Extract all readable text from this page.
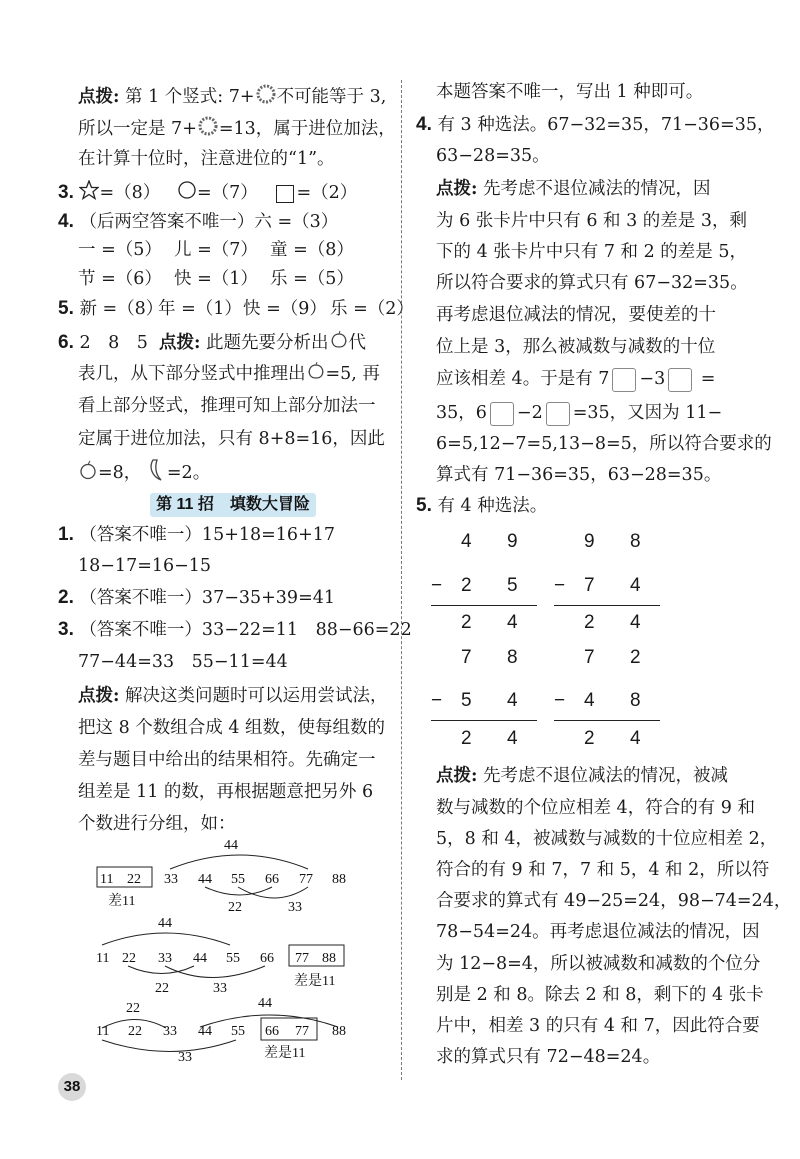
点拨: 第 1 个竖式: 7+ 不可能等于 3,
所以一定是 7+ =13，属于进位加法，
在计算十位时，注意进位的“1”。
3. =（8） =（7） =（2）
4. （后两空答案不唯一）六 =（3）
一 =（5） 儿 =（7） 童 =（8）
节 =（6） 快 =（1） 乐 =（5）
5. 新 =（8）
年 =（1） 快 =（9） 乐 =（2）
6. 2　8　5 点拨: 此题先要分析出 代
表几，从下部分竖式中推理出 =5, 再
看上部分竖式，推理可知上部分加法一
定属于进位加法，只有 8+8=16，因此
=8， =2。
第 11 招　填数大冒险
1. （答案不唯一）15+18=16+17
18−17=16−15
2. （答案不唯一）37−35+39=41
3. （答案不唯一）33−22=11　88−66=22
77−44=33　55−11=44
点拨: 解决这类问题时可以运用尝试法，
把这 8 个数组合成 4 组数，使每组数的
差与题目中给出的结果相符。先确定一
组差是 11 的数，再根据题意把另外 6
个数进行分组，如：
11 22 33 44 55 66 77 88
44
22	33
差11
44
11 22 33 44 55 66 77 88
22	33	差是11
22	44
11 22 33 44 55 66 77 88
33	差是11
本题答案不唯一，写出 1 种即可。
4. 有 3 种选法。67−32=35，71−36=35，
63−28=35。
点拨: 先考虑不退位减法的情况，因
为 6 张卡片中只有 6 和 3 的差是 3，剩
下的 4 张卡片中只有 7 和 2 的差是 5，
所以符合要求的算式只有 67−32=35。
再考虑退位减法的情况，要使差的十
位上是 3，那么被减数与减数的十位
应该相差 4。于是有 7 −3 =
35，6 −2 =35，又因为 11−
6=5,12−7=5,13−8=5，所以符合要求的
算式有 71−36=35，63−28=35。
5. 有 4 种选法。
4 9
− 2 5
2 4
9 8
− 7 4
2 4
7 8
− 5 4
2 4
7 2
− 4 8
2 4
点拨: 先考虑不退位减法的情况，被减
数与减数的个位应相差 4，符合的有 9 和
5，8 和 4，被减数与减数的十位应相差 2，
符合的有 9 和 7，7 和 5，4 和 2，所以符
合要求的算式有 49−25=24，98−74=24，
78−54=24。再考虑退位减法的情况，因
为 12−8=4，所以被减数和减数的个位分
别是 2 和 8。除去 2 和 8，剩下的 4 张卡
片中，相差 3 的只有 4 和 7，因此符合要
求的算式只有 72−48=24。
38
